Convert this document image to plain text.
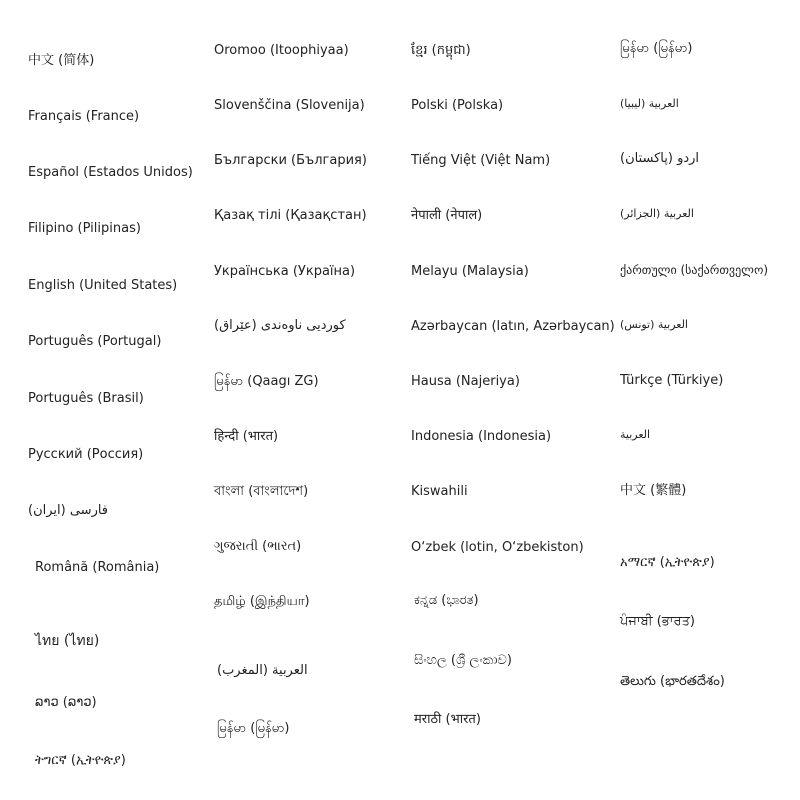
中文 (简体)
Français (France)
Español (Estados Unidos)
Filipino (Pilipinas)
English (United States)
Português (Portugal)
Português (Brasil)
Русский (Россия)
فارسی (ایران)
Română (România)
ไทย (ไทย)
ລາວ (ລາວ)
ትግርኛ (ኢትዮጵያ)
Oromoo (Itoophiyaa)
Slovenščina (Slovenija)
Български (България)
Қазақ тілі (Қазақстан)
Українська (Україна)
کوردیی ناوەندی (عێراق)
မြန်မာ (Qaagı ZG)
हिन्दी (भारत)
বাংলা (বাংলাদেশ)
ગુજરાતી (ભારત)
தமிழ் (இந்தியா)
العربية (المغرب)
မြန်မာ (မြန်မာ)
ខ្មែរ (កម្ពុជា)
Polski (Polska)
Tiếng Việt (Việt Nam)
नेपाली (नेपाल)
Melayu (Malaysia)
Azərbaycan (latın, Azərbaycan)
Hausa (Najeriya)
Indonesia (Indonesia)
Kiswahili
O‘zbek (lotin, O‘zbekiston)
ಕನ್ನಡ (ಭಾರತ)
සිංහල (ශ්‍රී ලංකාව)
मराठी (भारत)
မြန်မာ (မြန်မာ)
العربية (ليبيا)
اردو (پاکستان)
العربية (الجزائر)
ქართული (საქართველო)
العربية (تونس)
Türkçe (Türkiye)
العربية
中文 (繁體)
አማርኛ (ኢትዮጵያ)
ਪੰਜਾਬੀ (ਭਾਰਤ)
తెలుగు (భారతదేశం)
